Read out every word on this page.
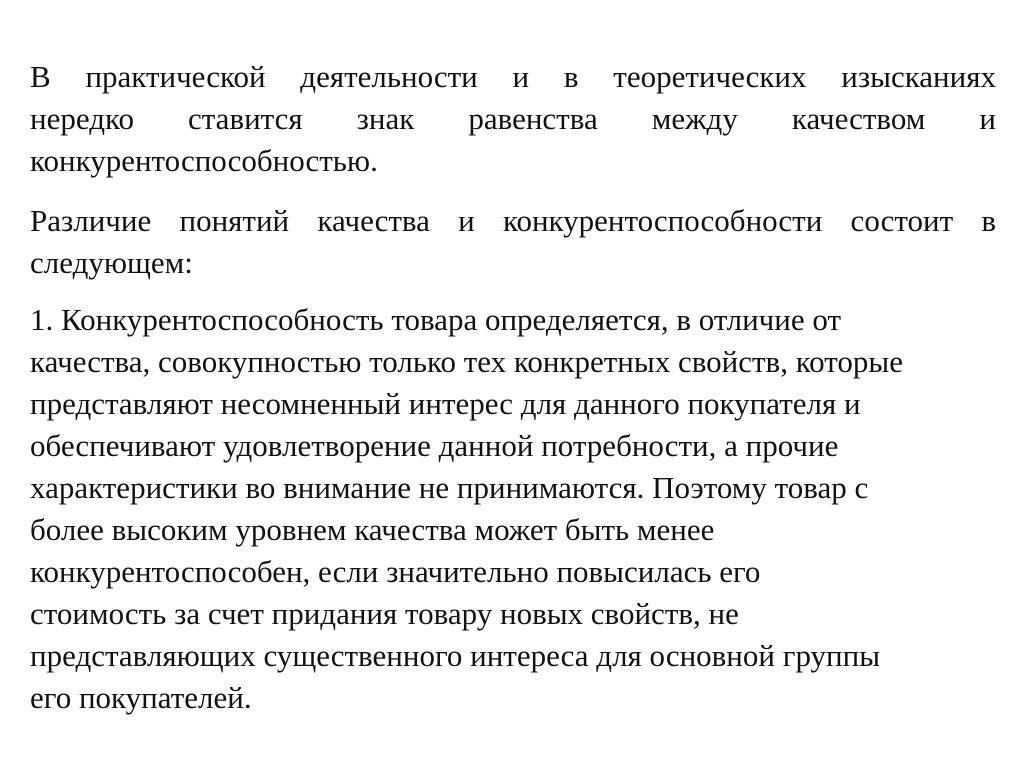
В практической деятельности и в теоретических изысканиях
нередко ставится знак равенства между качеством и
конкурентоспособностью.
Различие понятий качества и конкурентоспособности состоит в
следующем:
1. Конкурентоспособность товара определяется, в отличие от
качества, совокупностью только тех конкретных свойств, которые
представляют несомненный интерес для данного покупателя и
обеспечивают удовлетворение данной потребности, а прочие
характеристики во внимание не принимаются. Поэтому товар с
более высоким уровнем качества может быть менее
конкурентоспособен, если значительно повысилась его
стоимость за счет придания товару новых свойств, не
представляющих существенного интереса для основной группы
его покупателей.
